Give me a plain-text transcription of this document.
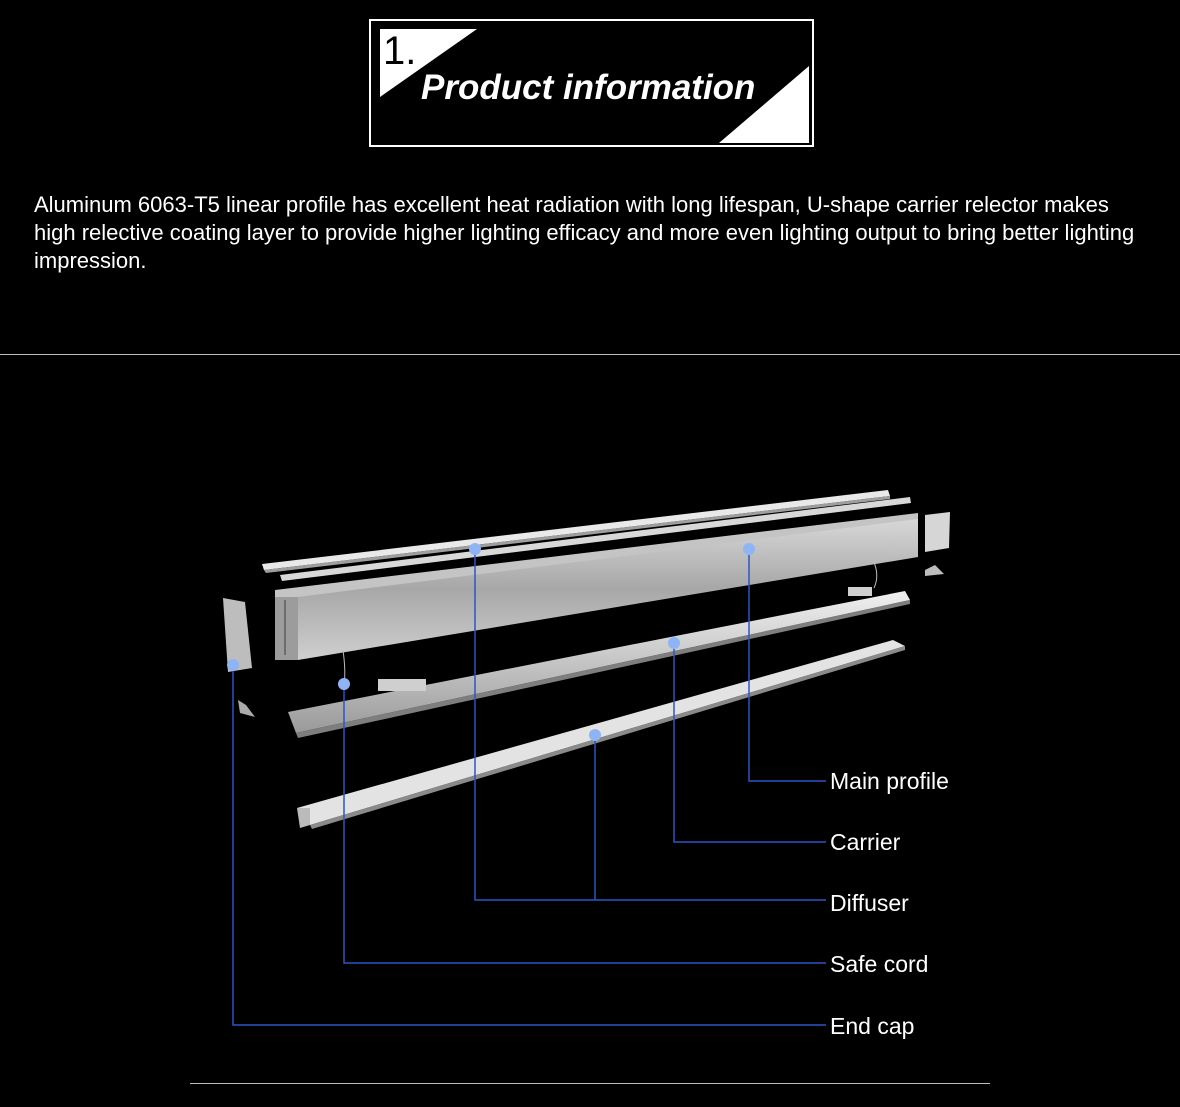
1.
Product information

Aluminum 6063-T5 linear profile has excellent heat radiation with long lifespan, U-shape carrier relector makes high relective coating layer to provide higher lighting efficacy and more even lighting output to bring better lighting impression.

Main profile
Carrier
Diffuser
Safe cord
End cap
